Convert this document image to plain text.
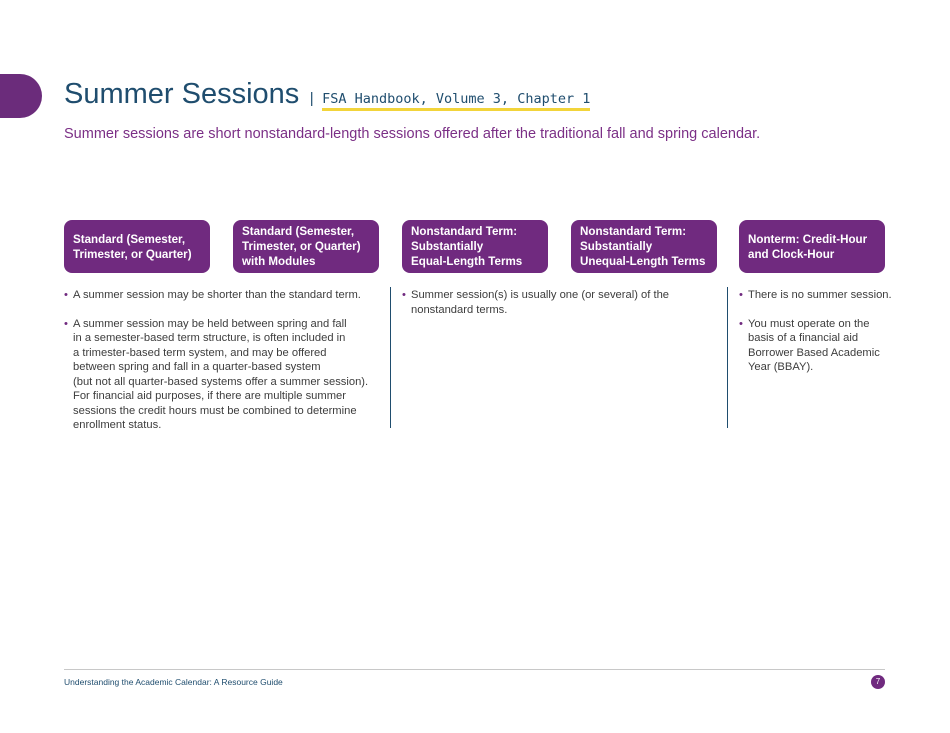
Summer Sessions | FSA Handbook, Volume 3, Chapter 1
Summer sessions are short nonstandard-length sessions offered after the traditional fall and spring calendar.
Standard (Semester,
Trimester, or Quarter)
Standard (Semester,
Trimester, or Quarter)
with Modules
Nonstandard Term:
Substantially
Equal-Length Terms
Nonstandard Term:
Substantially
Unequal-Length Terms
Nonterm: Credit-Hour
and Clock-Hour
• A summer session may be shorter than the standard term.
• A summer session may be held between spring and fall
in a semester-based term structure, is often included in
a trimester-based term system, and may be offered
between spring and fall in a quarter-based system
(but not all quarter-based systems offer a summer session).
For financial aid purposes, if there are multiple summer
sessions the credit hours must be combined to determine
enrollment status.
• Summer session(s) is usually one (or several) of the
nonstandard terms.
• There is no summer session.
• You must operate on the
basis of a financial aid
Borrower Based Academic
Year (BBAY).
Understanding the Academic Calendar: A Resource Guide	7
